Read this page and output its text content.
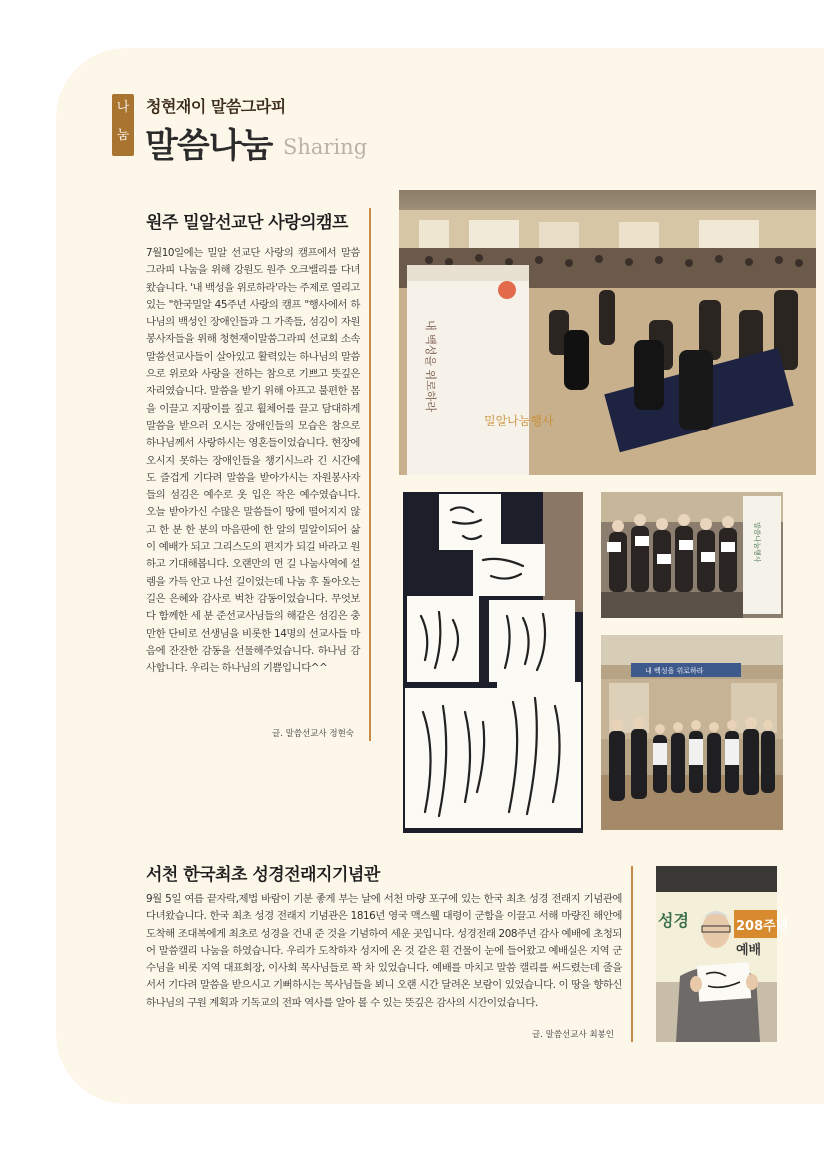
나
눔
청현재이 말씀그라피
말씀나눔 Sharing
원주 밀알선교단 사랑의캠프
7월10일에는 밀알 선교단 사랑의 캠프에서 말씀그라피 나눔을 위해 강원도 원주 오크밸리를 다녀왔습니다. '내 백성을 위로하라'라는 주제로 열리고 있는 "한국밀알 45주년 사랑의 캠프 "행사에서 하나님의 백성인 장애인들과 그 가족들, 섬김이 자원봉사자들을 위해 청현재이말씀그라피 선교회 소속 말씀선교사들이 살아있고 활력있는 하나님의 말씀으로 위로와 사랑을 전하는 참으로 기쁘고 뜻깊은 자리였습니다. 말씀을 받기 위해 아프고 불편한 몸을 이끌고 지팡이를 짚고 휠체어를 끌고 담대하게 말씀을 받으러 오시는 장애인들의 모습은 참으로 하나님께서 사랑하시는 영혼들이었습니다. 현장에 오시지 못하는 장애인들을 챙기시느라 긴 시간에도 즐겁게 기다려 말씀을 받아가시는 자원봉사자들의 섬김은 예수로 옷 입은 작은 예수였습니다. 오늘 받아가신 수많은 말씀들이 땅에 떨어지지 않고 한 분 한 분의 마음판에 한 알의 밀알이되어 삶이 예배가 되고 그리스도의 편지가 되길 바라고 원하고 기대해봅니다. 오랜만의 먼 길 나눔사역에 설렘을 가득 안고 나선 길이었는데 나눔 후 돌아오는 길은 은혜와 감사로 벅찬 감동이었습니다. 무엇보다 함께한 세 분 준선교사님들의 해같은 섬김은 충만한 단비로 선생님을 비롯한 14명의 선교사들 마음에 잔잔한 감동을 선물해주었습니다. 하나님 감사합니다. 우리는 하나님의 기쁨입니다^^
글. 말씀선교사 정현숙
밀알나눔행사
내 백성을 위로하라
말씀나눔행사
내 백성을 위로하라
서천 한국최초 성경전래지기념관
9월 5일 여름 끝자락,제법 바람이 기분 좋게 부는 날에 서천 마량 포구에 있는 한국 최초 성경 전래지 기념관에 다녀왔습니다. 한국 최초 성경 전래지 기념관은 1816년 영국 맥스웰 대령이 군함을 이끌고 서해 마량진 해안에 도착해 조대복에게 최초로 성경을 건내 준 것을 기념하여 세운 곳입니다. 성경전래 208주년 감사 예배에 초청되어 말씀캘리 나눔을 하였습니다. 우리가 도착하자 성지에 온 것 같은 흰 건물이 눈에 들어왔고 예배실은 지역 군수님을 비롯 지역 대표회장, 이사회 목사님들로 꽉 차 있었습니다. 예배를 마치고 말씀 캘리를 써드렸는데 줄을 서서 기다려 말씀을 받으시고 기뻐하시는 목사님들을 뵈니 오랜 시간 달려온 보람이 있었습니다. 이 땅을 향하신 하나님의 구원 계획과 기독교의 전파 역사를 알아 볼 수 있는 뜻깊은 감사의 시간이었습니다.
글. 말씀선교사 최봉인
성경	208주년
예배
